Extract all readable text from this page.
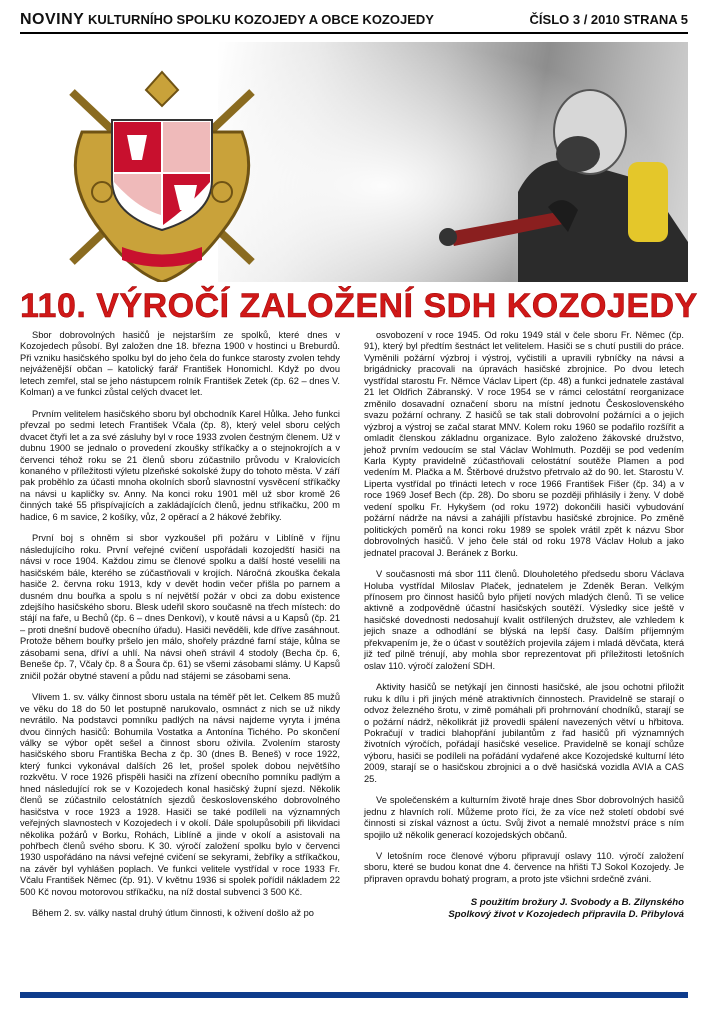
NOVINY KULTURNÍHO SPOLKU KOZOJEDY A OBCE KOZOJEDY	ČÍSLO 3 / 2010 STRANA 5
110. VÝROČÍ ZALOŽENÍ SDH KOZOJEDY

Sbor dobrovolných hasičů je nejstarším ze spolků, které dnes v Kozojedech působí. Byl založen dne 18. března 1900 v hostinci u Breburdů. Při vzniku hasičského spolku byl do jeho čela do funkce starosty zvolen tehdy nejváženější občan – katolický farář František Honomichl. Když po dvou letech zemřel, stal se jeho nástupcem rolník František Zetek (čp. 62 – dnes V. Kolman) a ve funkci zůstal celých dvacet let.

Prvním velitelem hasičského sboru byl obchodník Karel Hůlka. Jeho funkci převzal po sedmi letech František Včala (čp. 8), který velel sboru celých dvacet čtyři let a za své zásluhy byl v roce 1933 zvolen čestným členem. Už v dubnu 1900 se jednalo o provedení zkoušky stříkačky a o stejnokrojích a v červenci téhož roku se 21 členů sboru zúčastnilo průvodu v Kralovicích konaného v příležitosti výletu plzeňské sokolské župy do tohoto města. V září pak proběhlo za účasti mnoha okolních sborů slavnostní vysvěcení stříkačky na návsi u kapličky sv. Anny. Na konci roku 1901 měl už sbor kromě 26 činných také 55 přispívajících a zakládajících členů, jednu stříkačku, 200 m hadice, 6 m savice, 2 košíky, vůz, 2 opěrací a 2 hákové žebříky.

První boj s ohněm si sbor vyzkoušel při požáru v Liblíně v říjnu následujícího roku. První veřejné cvičení uspořádali kozojedští hasiči na návsi v roce 1904. Každou zimu se členové spolku a další hosté veselili na hasičském bále, kterého se zúčastňovali v krojích. Náročná zkouška čekala hasiče 2. června roku 1913, kdy v devět hodin večer přišla po parnem a dusném dnu bouřka a spolu s ní největší požár v obci za dobu existence zdejšího hasičského sboru. Blesk udeřil skoro současně na třech místech: do stájí na faře, u Bechů (čp. 6 – dnes Denkovi), v koutě návsi a u Kapsů (čp. 21 – proti dnešní budově obecního úřadu). Hasiči nevěděli, kde dříve zasáhnout. Protože během bouřky pršelo jen málo, shořely prázdné farní stáje, kůlna se zásobami sena, dříví a uhlí. Na návsi oheň strávil 4 stodoly (Becha čp. 6, Beneše čp. 7, Včaly čp. 8 a Šoura čp. 61) se všemi zásobami slámy. U Kapsů zničil požár obytné stavení a půdu nad stájemi se zásobami sena.

Vlivem 1. sv. války činnost sboru ustala na téměř pět let. Celkem 85 mužů ve věku do 18 do 50 let postupně narukovalo, osmnáct z nich se už nikdy nevrátilo. Na podstavci pomníku padlých na návsi najdeme vyryta i jména dvou činných hasičů: Bohumila Vostatka a Antonína Tichého. Po skončení války se výbor opět sešel a činnost sboru oživila. Zvolením starosty hasičského sboru Františka Becha z čp. 30 (dnes B. Beneš) v roce 1922, který funkci vykonával dalších 26 let, prošel spolek dobou největšího rozkvětu. V roce 1926 přispěli hasiči na zřízení obecního pomníku padlým a hned následující rok se v Kozojedech konal hasičský župní sjezd. Několik členů se zúčastnilo celostátních sjezdů československého dobrovolného hasičstva v roce 1923 a 1928. Hasiči se také podíleli na významných veřejných slavnostech v Kozojedech i v okolí. Dále spolupůsobili při likvidaci několika požárů v Borku, Rohách, Liblíně a jinde v okolí a asistovali na pohřbech členů svého sboru. K 30. výročí založení spolku bylo v červenci 1930 uspořádáno na návsi veřejné cvičení se sekyrami, žebříky a stříkačkou, na závěr byl vyhlášen poplach. Ve funkci velitele vystřídal v roce 1933 Fr. Včalu František Němec (čp. 91). V květnu 1936 si spolek pořídil nákladem 22 500 Kč novou motorovou stříkačku, na níž dostal subvenci 3 500 Kč.

Během 2. sv. války nastal druhý útlum činnosti, k oživení došlo až po

osvobození v roce 1945. Od roku 1949 stál v čele sboru Fr. Němec (čp. 91), který byl předtím šestnáct let velitelem. Hasiči se s chutí pustili do práce. Vyměnili požární výzbroj i výstroj, vyčistili a upravili rybníčky na návsi a brigádnicky pracovali na úpravách hasičské zbrojnice. Po dvou letech vystřídal starostu Fr. Němce Václav Lipert (čp. 48) a funkci jednatele zastával 21 let Oldřich Zábranský. V roce 1954 se v rámci celostátní reorganizace změnilo dosavadní označení sboru na místní jednotu Československého svazu požární ochrany. Z hasičů se tak stali dobrovolní požárníci a o jejich výzbroj a výstroj se začal starat MNV. Kolem roku 1960 se podařilo rozšířit a omladit členskou základnu organizace. Bylo založeno žákovské družstvo, jehož prvním vedoucím se stal Václav Wohlmuth. Později se pod vedením Karla Kypty pravidelně zúčastňovali celostátní soutěže Plamen a pod vedením M. Plačka a M. Štěrbové družstvo přetrvalo až do 90. let. Starostu V. Liperta vystřídal po třinácti letech v roce 1966 František Fišer (čp. 34) a v roce 1969 Josef Bech (čp. 28). Do sboru se později přihlásily i ženy. V době vedení spolku Fr. Hykyšem (od roku 1972) dokončili hasiči vybudování požární nádrže na návsi a zahájili přístavbu hasičské zbrojnice. Po změně politických poměrů na konci roku 1989 se spolek vrátil zpět k názvu Sbor dobrovolných hasičů. V jeho čele stál od roku 1978 Václav Holub a jako jednatel pracoval J. Beránek z Borku.

V současnosti má sbor 111 členů. Dlouholetého předsedu sboru Václava Holuba vystřídal Miloslav Plaček, jednatelem je Zdeněk Beran. Velkým přínosem pro činnost hasičů bylo přijetí nových mladých členů. Ti se velice aktivně a zodpovědně účastní hasičských soutěží. Výsledky sice ještě v hasičské dovednosti nedosahují kvalit ostřílených družstev, ale vzhledem k jejich snaze a odhodlání se blýská na lepší časy. Dalším příjemným překvapením je, že o účast v soutěžích projevila zájem i mladá děvčata, která již teď pilně trénují, aby mohla sbor reprezentovat při příležitosti letošních oslav 110. výročí založení SDH.

Aktivity hasičů se netýkají jen činnosti hasičské, ale jsou ochotni přiložit ruku k dílu i při jiných méně atraktivních činnostech. Pravidelně se starají o odvoz železného šrotu, v zimě pomáhali při prohrnování chodníků, starají se o požární nádrž, několikrát již provedli spálení navezených větví u hřbitova. Pokračují v tradici blahopřání jubilantům z řad hasičů při významných životních výročích, pořádají hasičské veselice. Pravidelně se konají schůze výboru, hasiči se podíleli na pořádání vydařené akce Kozojedské kulturní léto 2009, starají se o hasičskou zbrojnici a o dvě hasičská vozidla AVIA a CAS 25.

Ve společenském a kulturním životě hraje dnes Sbor dobrovolných hasičů jednu z hlavních rolí. Můžeme proto říci, že za více než století období své činnosti si získal váznost a úctu. Svůj život a nemalé množství práce s ním spojilo už několik generací kozojedských občanů.

V letošním roce členové výboru připravují oslavy 110. výročí založení sboru, které se budou konat dne 4. července na hřišti TJ Sokol Kozojedy. Je připraven opravdu bohatý program, a proto jste všichni srdečně zváni.

S použitím brožury J. Svobody a B. Zilynského
Spolkový život v Kozojedech připravila D. Přibylová
